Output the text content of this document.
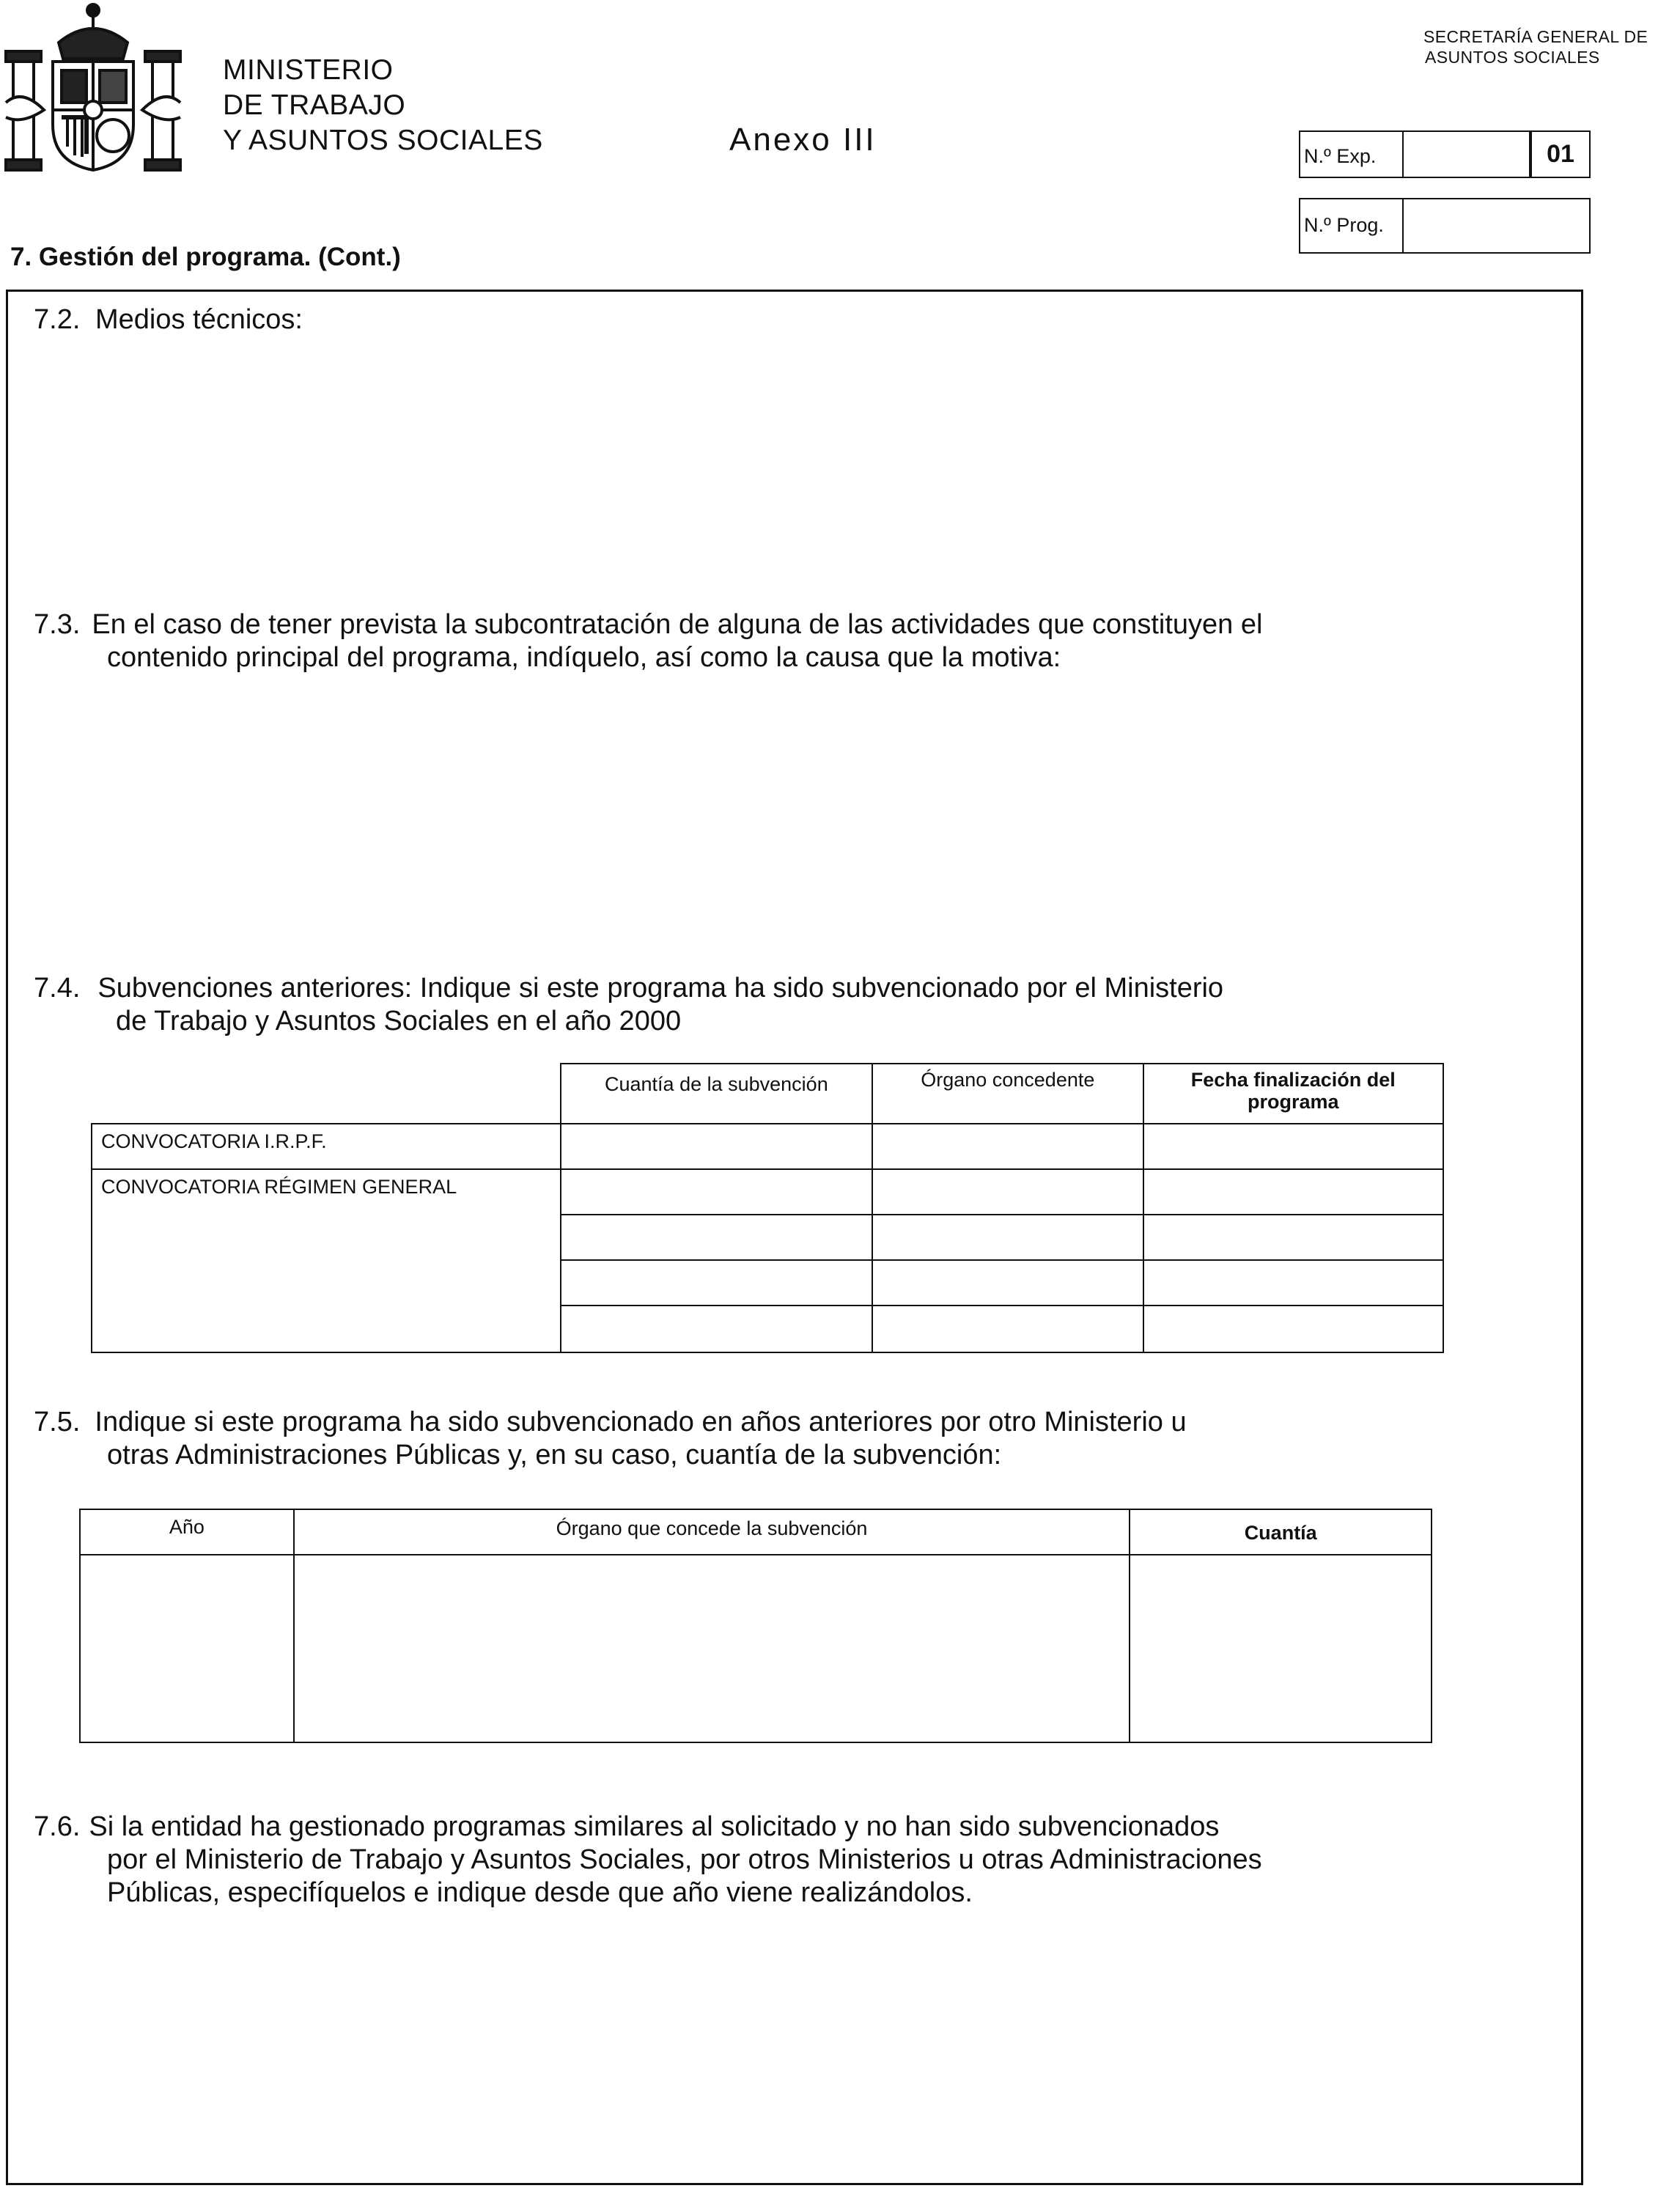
MINISTERIO
DE TRABAJO
Y ASUNTOS SOCIALES
SECRETARÍA GENERAL DE
ASUNTOS SOCIALES
Anexo III	N.º Exp.	01
N.º Prog.
7. Gestión del programa. (Cont.)
7.2. Medios técnicos:
7.3. En el caso de tener prevista la subcontratación de alguna de las actividades que constituyen el
contenido principal del programa, indíquelo, así como la causa que la motiva:
7.4. Subvenciones anteriores: Indique si este programa ha sido subvencionado por el Ministerio
de Trabajo y Asuntos Sociales en el año 2000
	Cuantía de la subvención	Órgano concedente	Fecha finalización del programa
CONVOCATORIA I.R.P.F.			
CONVOCATORIA RÉGIMEN GENERAL			

7.5. Indique si este programa ha sido subvencionado en años anteriores por otro Ministerio u
otras Administraciones Públicas y, en su caso, cuantía de la subvención:
Año	Órgano que concede la subvención	Cuantía

7.6. Si la entidad ha gestionado programas similares al solicitado y no han sido subvencionados
por el Ministerio de Trabajo y Asuntos Sociales, por otros Ministerios u otras Administraciones
Públicas, especifíquelos e indique desde que año viene realizándolos.
